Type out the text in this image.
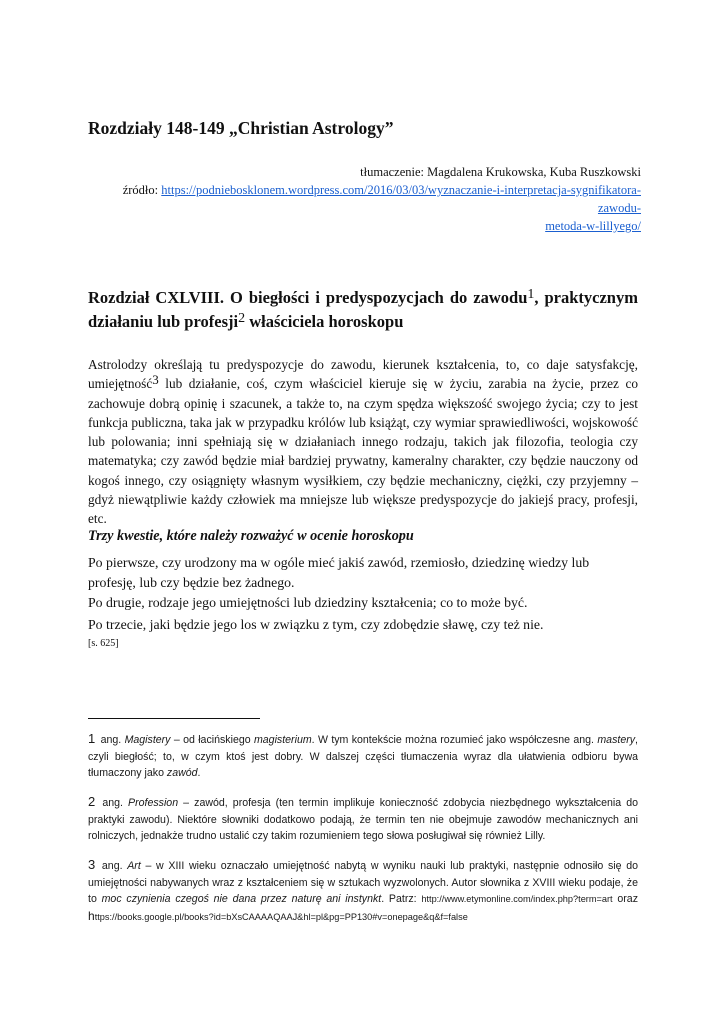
Rozdziały 148-149 „Christian Astrology”
tłumaczenie: Magdalena Krukowska, Kuba Ruszkowski
źródło: https://podniebosklonem.wordpress.com/2016/03/03/wyznaczanie-i-interpretacja-sygnifikatora-zawodu-
metoda-w-lillyego/
Rozdział CXLVIII. O biegłości i predyspozycjach do zawodu$^1$, praktycznym
działaniu lub profesji$^2$ właściciela horoskopu

Astrolodzy określają tu predyspozycje do zawodu, kierunek kształcenia, to, co daje satysfakcję, umiejętność$^3$ lub działanie, coś, czym właściciel kieruje się w życiu, zarabia na życie, przez co zachowuje dobrą opinię i szacunek, a także to, na czym spędza większość swojego życia; czy to jest funkcja publiczna, taka jak w przypadku królów lub książąt, czy wymiar sprawiedliwości, wojskowość lub polowania; inni spełniają się w działaniach innego rodzaju, takich jak filozofia, teologia czy matematyka; czy zawód będzie miał bardziej prywatny, kameralny charakter, czy będzie nauczony od kogoś innego, czy osiągnięty własnym wysiłkiem, czy będzie mechaniczny, ciężki, czy przyjemny – gdyż niewątpliwie każdy człowiek ma mniejsze lub większe predyspozycje do jakiejś pracy, profesji, etc.

Trzy kwestie, które należy rozważyć w ocenie horoskopu

Po pierwsze, czy urodzony ma w ogóle mieć jakiś zawód, rzemiosło, dziedzinę wiedzy lub profesję, lub czy będzie bez żadnego.

Po drugie, rodzaje jego umiejętności lub dziedziny kształcenia; co to może być.

Po trzecie, jaki będzie jego los w związku z tym, czy zdobędzie sławę, czy też nie.

[s. 625]

1 ang. Magistery – od łacińskiego magisterium. W tym kontekście można rozumieć jako współczesne ang. mastery, czyli biegłość; to, w czym ktoś jest dobry. W dalszej części tłumaczenia wyraz dla ułatwienia odbioru bywa tłumaczony jako zawód.

2 ang. Profession – zawód, profesja (ten termin implikuje konieczność zdobycia niezbędnego wykształcenia do praktyki zawodu). Niektóre słowniki dodatkowo podają, że termin ten nie obejmuje zawodów mechanicznych ani rolniczych, jednakże trudno ustalić czy takim rozumieniem tego słowa posługiwał się również Lilly.

3 ang. Art – w XIII wieku oznaczało umiejętność nabytą w wyniku nauki lub praktyki, następnie odnosiło się do umiejętności nabywanych wraz z kształceniem się w sztukach wyzwolonych. Autor słownika z XVIII wieku podaje, że to moc czynienia czegoś nie dana przez naturę ani instynkt. Patrz: http://www.etymonline.com/index.php?term=art oraz https://books.google.pl/books?id=bXsCAAAAQAAJ&hl=pl&pg=PP130#v=onepage&q&f=false
